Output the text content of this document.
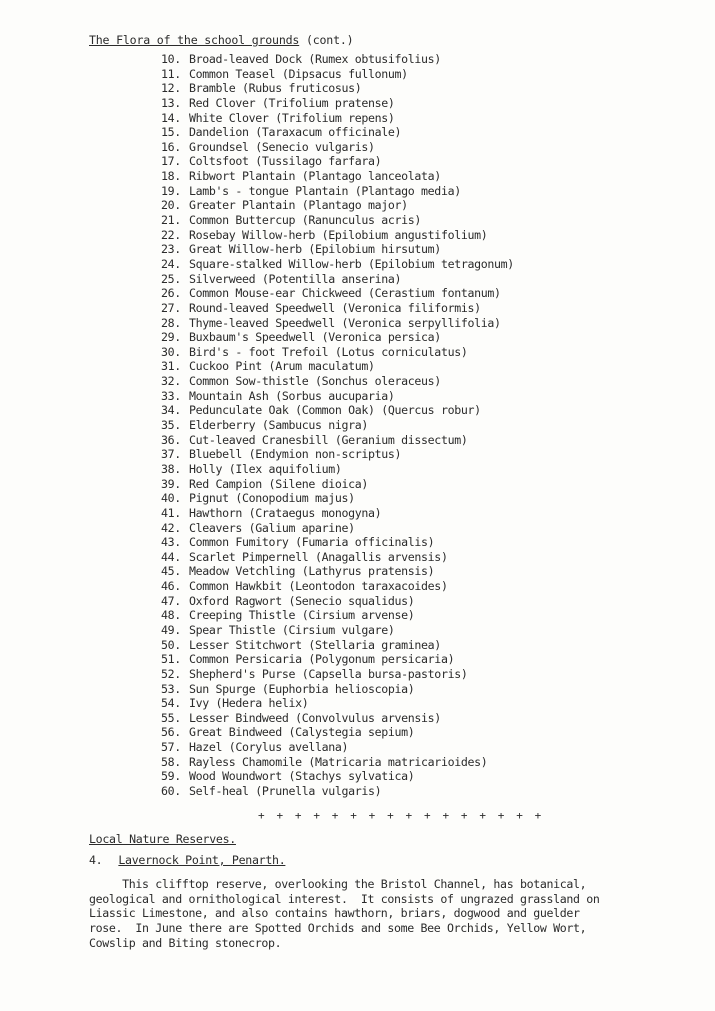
The Flora of the school grounds (cont.)
10. Broad-leaved Dock (Rumex obtusifolius)
11. Common Teasel (Dipsacus fullonum)
12. Bramble (Rubus fruticosus)
13. Red Clover (Trifolium pratense)
14. White Clover (Trifolium repens)
15. Dandelion (Taraxacum officinale)
16. Groundsel (Senecio vulgaris)
17. Coltsfoot (Tussilago farfara)
18. Ribwort Plantain (Plantago lanceolata)
19. Lamb's - tongue Plantain (Plantago media)
20. Greater Plantain (Plantago major)
21. Common Buttercup (Ranunculus acris)
22. Rosebay Willow-herb (Epilobium angustifolium)
23. Great Willow-herb (Epilobium hirsutum)
24. Square-stalked Willow-herb (Epilobium tetragonum)
25. Silverweed (Potentilla anserina)
26. Common Mouse-ear Chickweed (Cerastium fontanum)
27. Round-leaved Speedwell (Veronica filiformis)
28. Thyme-leaved Speedwell (Veronica serpyllifolia)
29. Buxbaum's Speedwell (Veronica persica)
30. Bird's - foot Trefoil (Lotus corniculatus)
31. Cuckoo Pint (Arum maculatum)
32. Common Sow-thistle (Sonchus oleraceus)
33. Mountain Ash (Sorbus aucuparia)
34. Pedunculate Oak (Common Oak) (Quercus robur)
35. Elderberry (Sambucus nigra)
36. Cut-leaved Cranesbill (Geranium dissectum)
37. Bluebell (Endymion non-scriptus)
38. Holly (Ilex aquifolium)
39. Red Campion (Silene dioica)
40. Pignut (Conopodium majus)
41. Hawthorn (Crataegus monogyna)
42. Cleavers (Galium aparine)
43. Common Fumitory (Fumaria officinalis)
44. Scarlet Pimpernell (Anagallis arvensis)
45. Meadow Vetchling (Lathyrus pratensis)
46. Common Hawkbit (Leontodon taraxacoides)
47. Oxford Ragwort (Senecio squalidus)
48. Creeping Thistle (Cirsium arvense)
49. Spear Thistle (Cirsium vulgare)
50. Lesser Stitchwort (Stellaria graminea)
51. Common Persicaria (Polygonum persicaria)
52. Shepherd's Purse (Capsella bursa-pastoris)
53. Sun Spurge (Euphorbia helioscopia)
54. Ivy (Hedera helix)
55. Lesser Bindweed (Convolvulus arvensis)
56. Great Bindweed (Calystegia sepium)
57. Hazel (Corylus avellana)
58. Rayless Chamomile (Matricaria matricarioides)
59. Wood Woundwort (Stachys sylvatica)
60. Self-heal (Prunella vulgaris)
+ + + + + + + + + + + + + + + +
Local Nature Reserves.
4. Lavernock Point, Penarth.
This clifftop reserve, overlooking the Bristol Channel, has botanical,
geological and ornithological interest.  It consists of ungrazed grassland on
Liassic Limestone, and also contains hawthorn, briars, dogwood and guelder
rose.  In June there are Spotted Orchids and some Bee Orchids, Yellow Wort,
Cowslip and Biting stonecrop.
